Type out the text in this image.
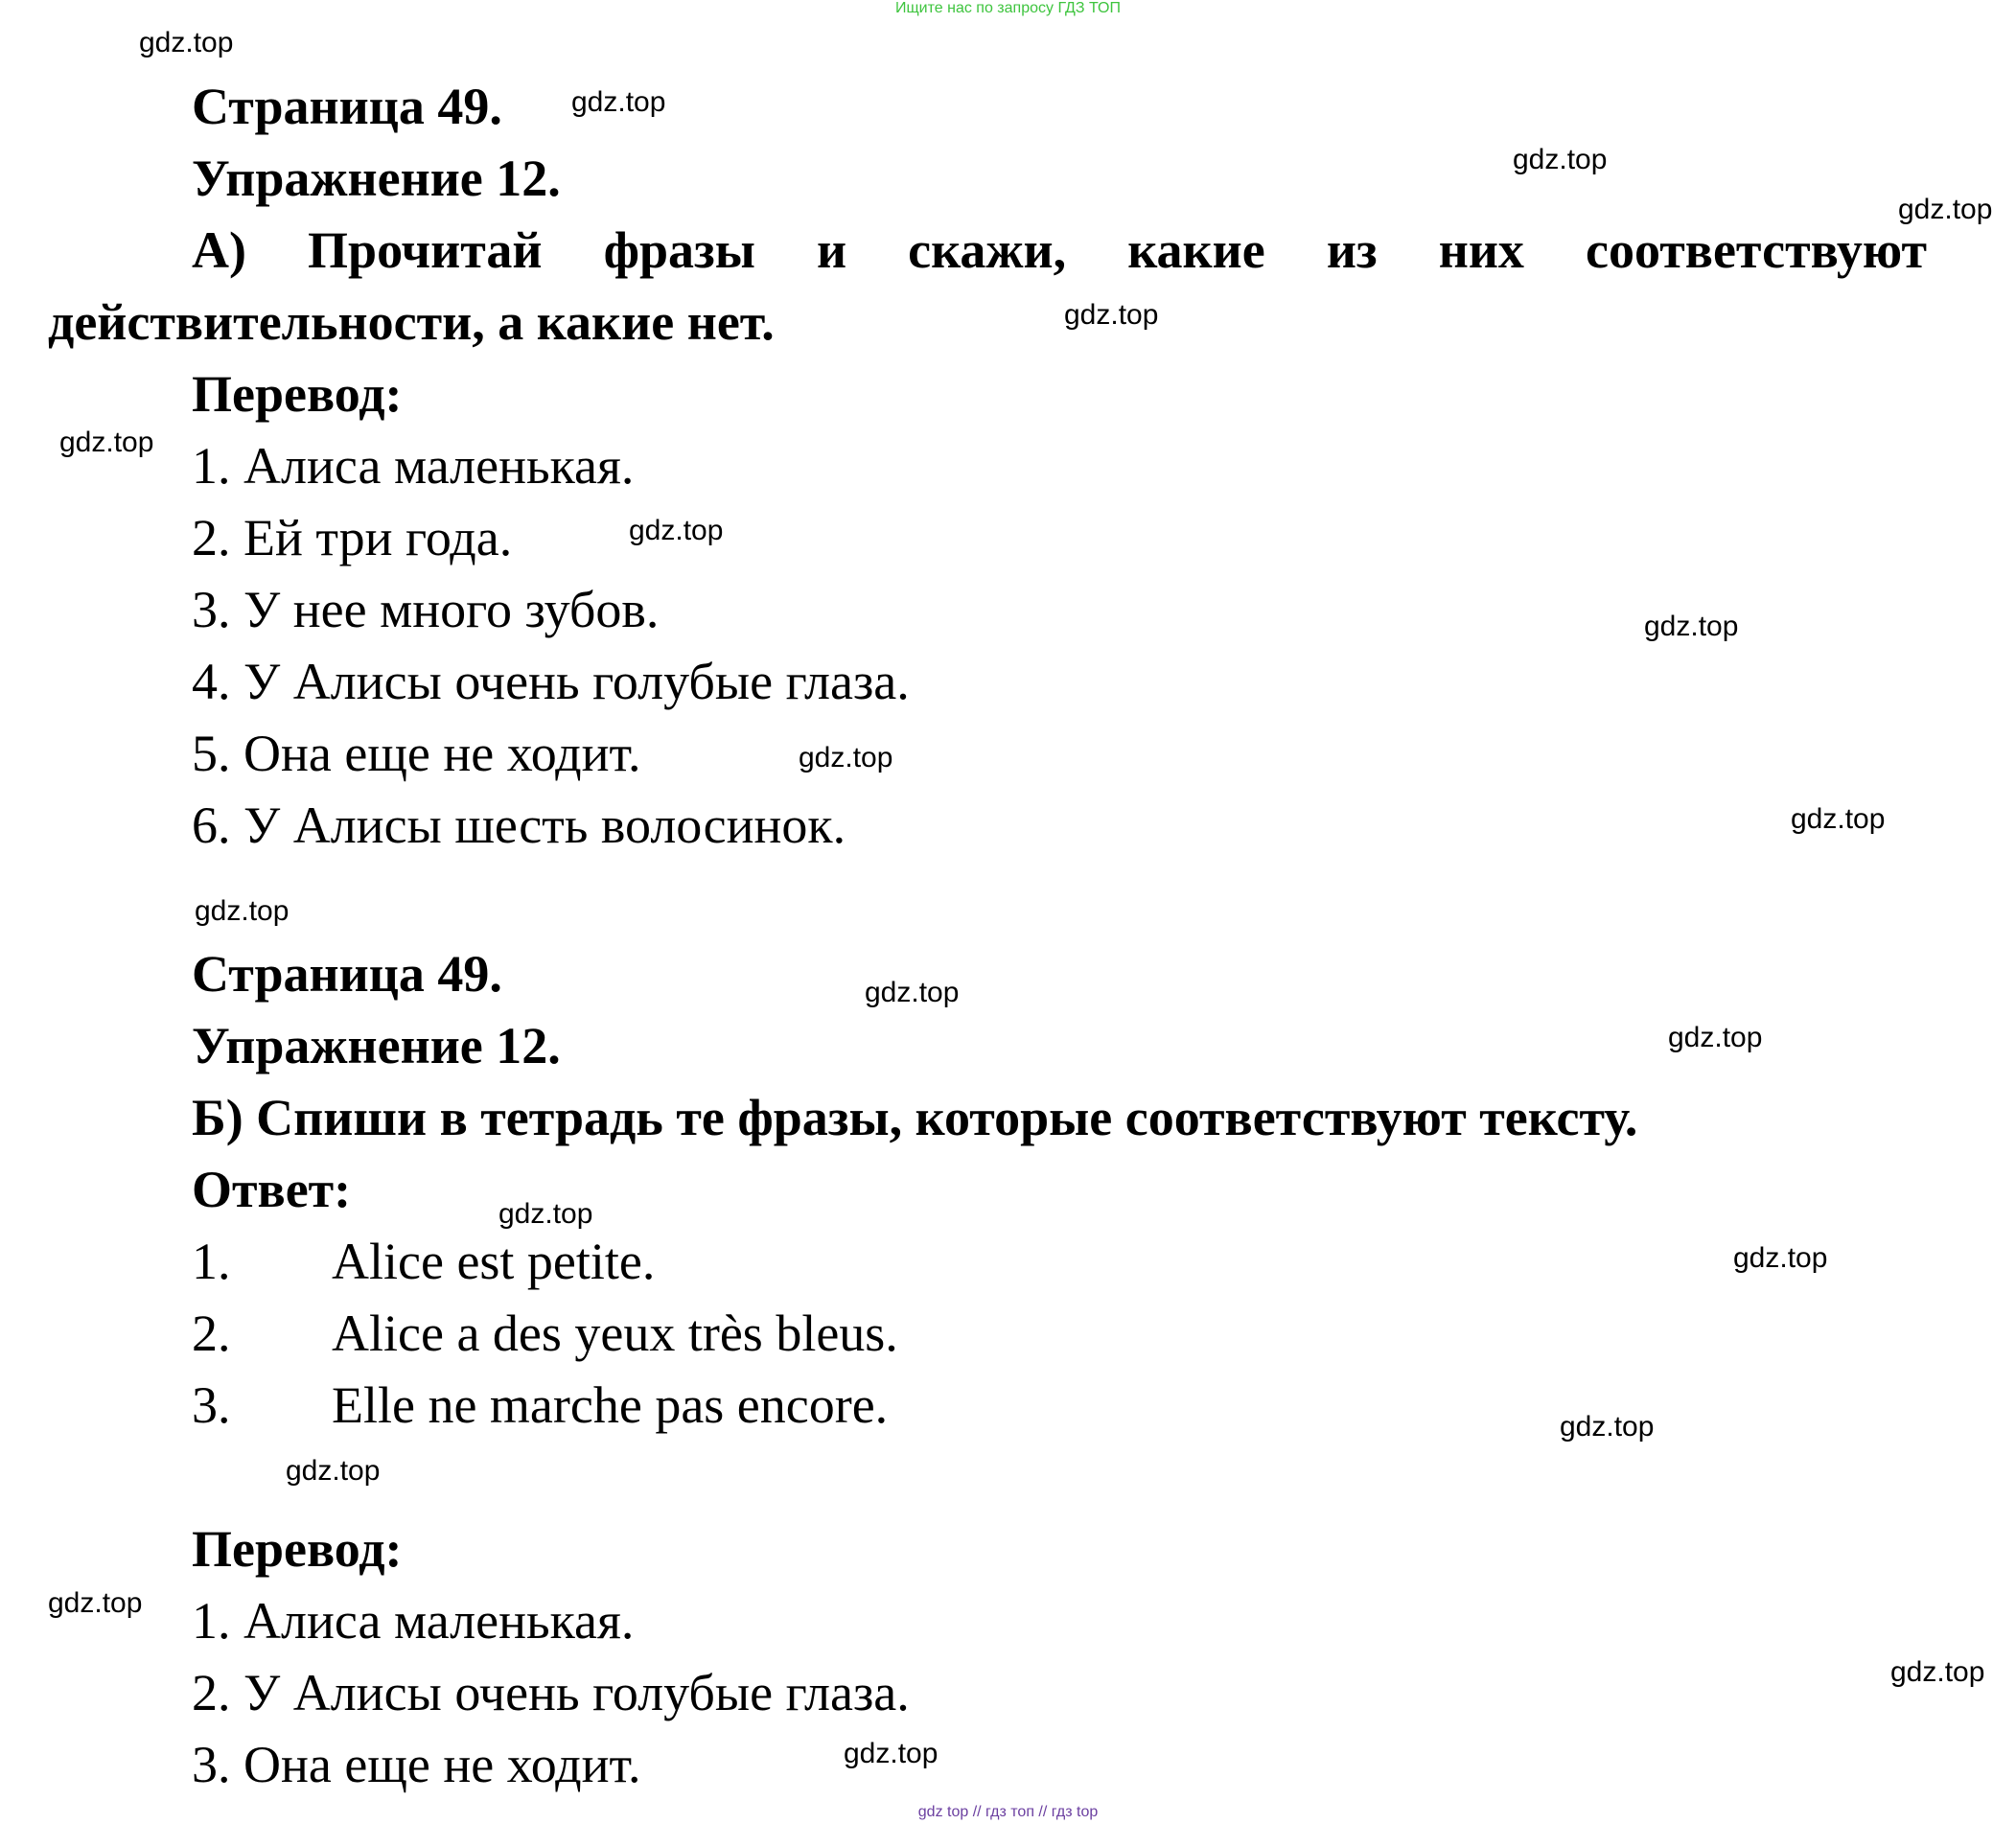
Ищите нас по запросу ГДЗ ТОП
Страница 49.
Упражнение 12.
А) Прочитай фразы и скажи, какие из них соответствуют
действительности, а какие нет.
Перевод:
1. Алиса маленькая.
2. Ей три года.
3. У нее много зубов.
4. У Алисы очень голубые глаза.
5. Она еще не ходит.
6. У Алисы шесть волосинок.
Страница 49.
Упражнение 12.
Б) Спиши в тетрадь те фразы, которые соответствуют тексту.
Ответ:
1. Alice est petite.
2. Alice a des yeux très bleus.
3. Elle ne marche pas encore.
Перевод:
1. Алиса маленькая.
2. У Алисы очень голубые глаза.
3. Она еще не ходит.
gdz.top
gdz.top
gdz.top
gdz.top
gdz.top
gdz.top
gdz.top
gdz.top
gdz.top
gdz.top
gdz.top
gdz.top
gdz.top
gdz.top
gdz.top
gdz.top
gdz.top
gdz.top
gdz.top
gdz.top
gdz top // гдз топ // гдз top
